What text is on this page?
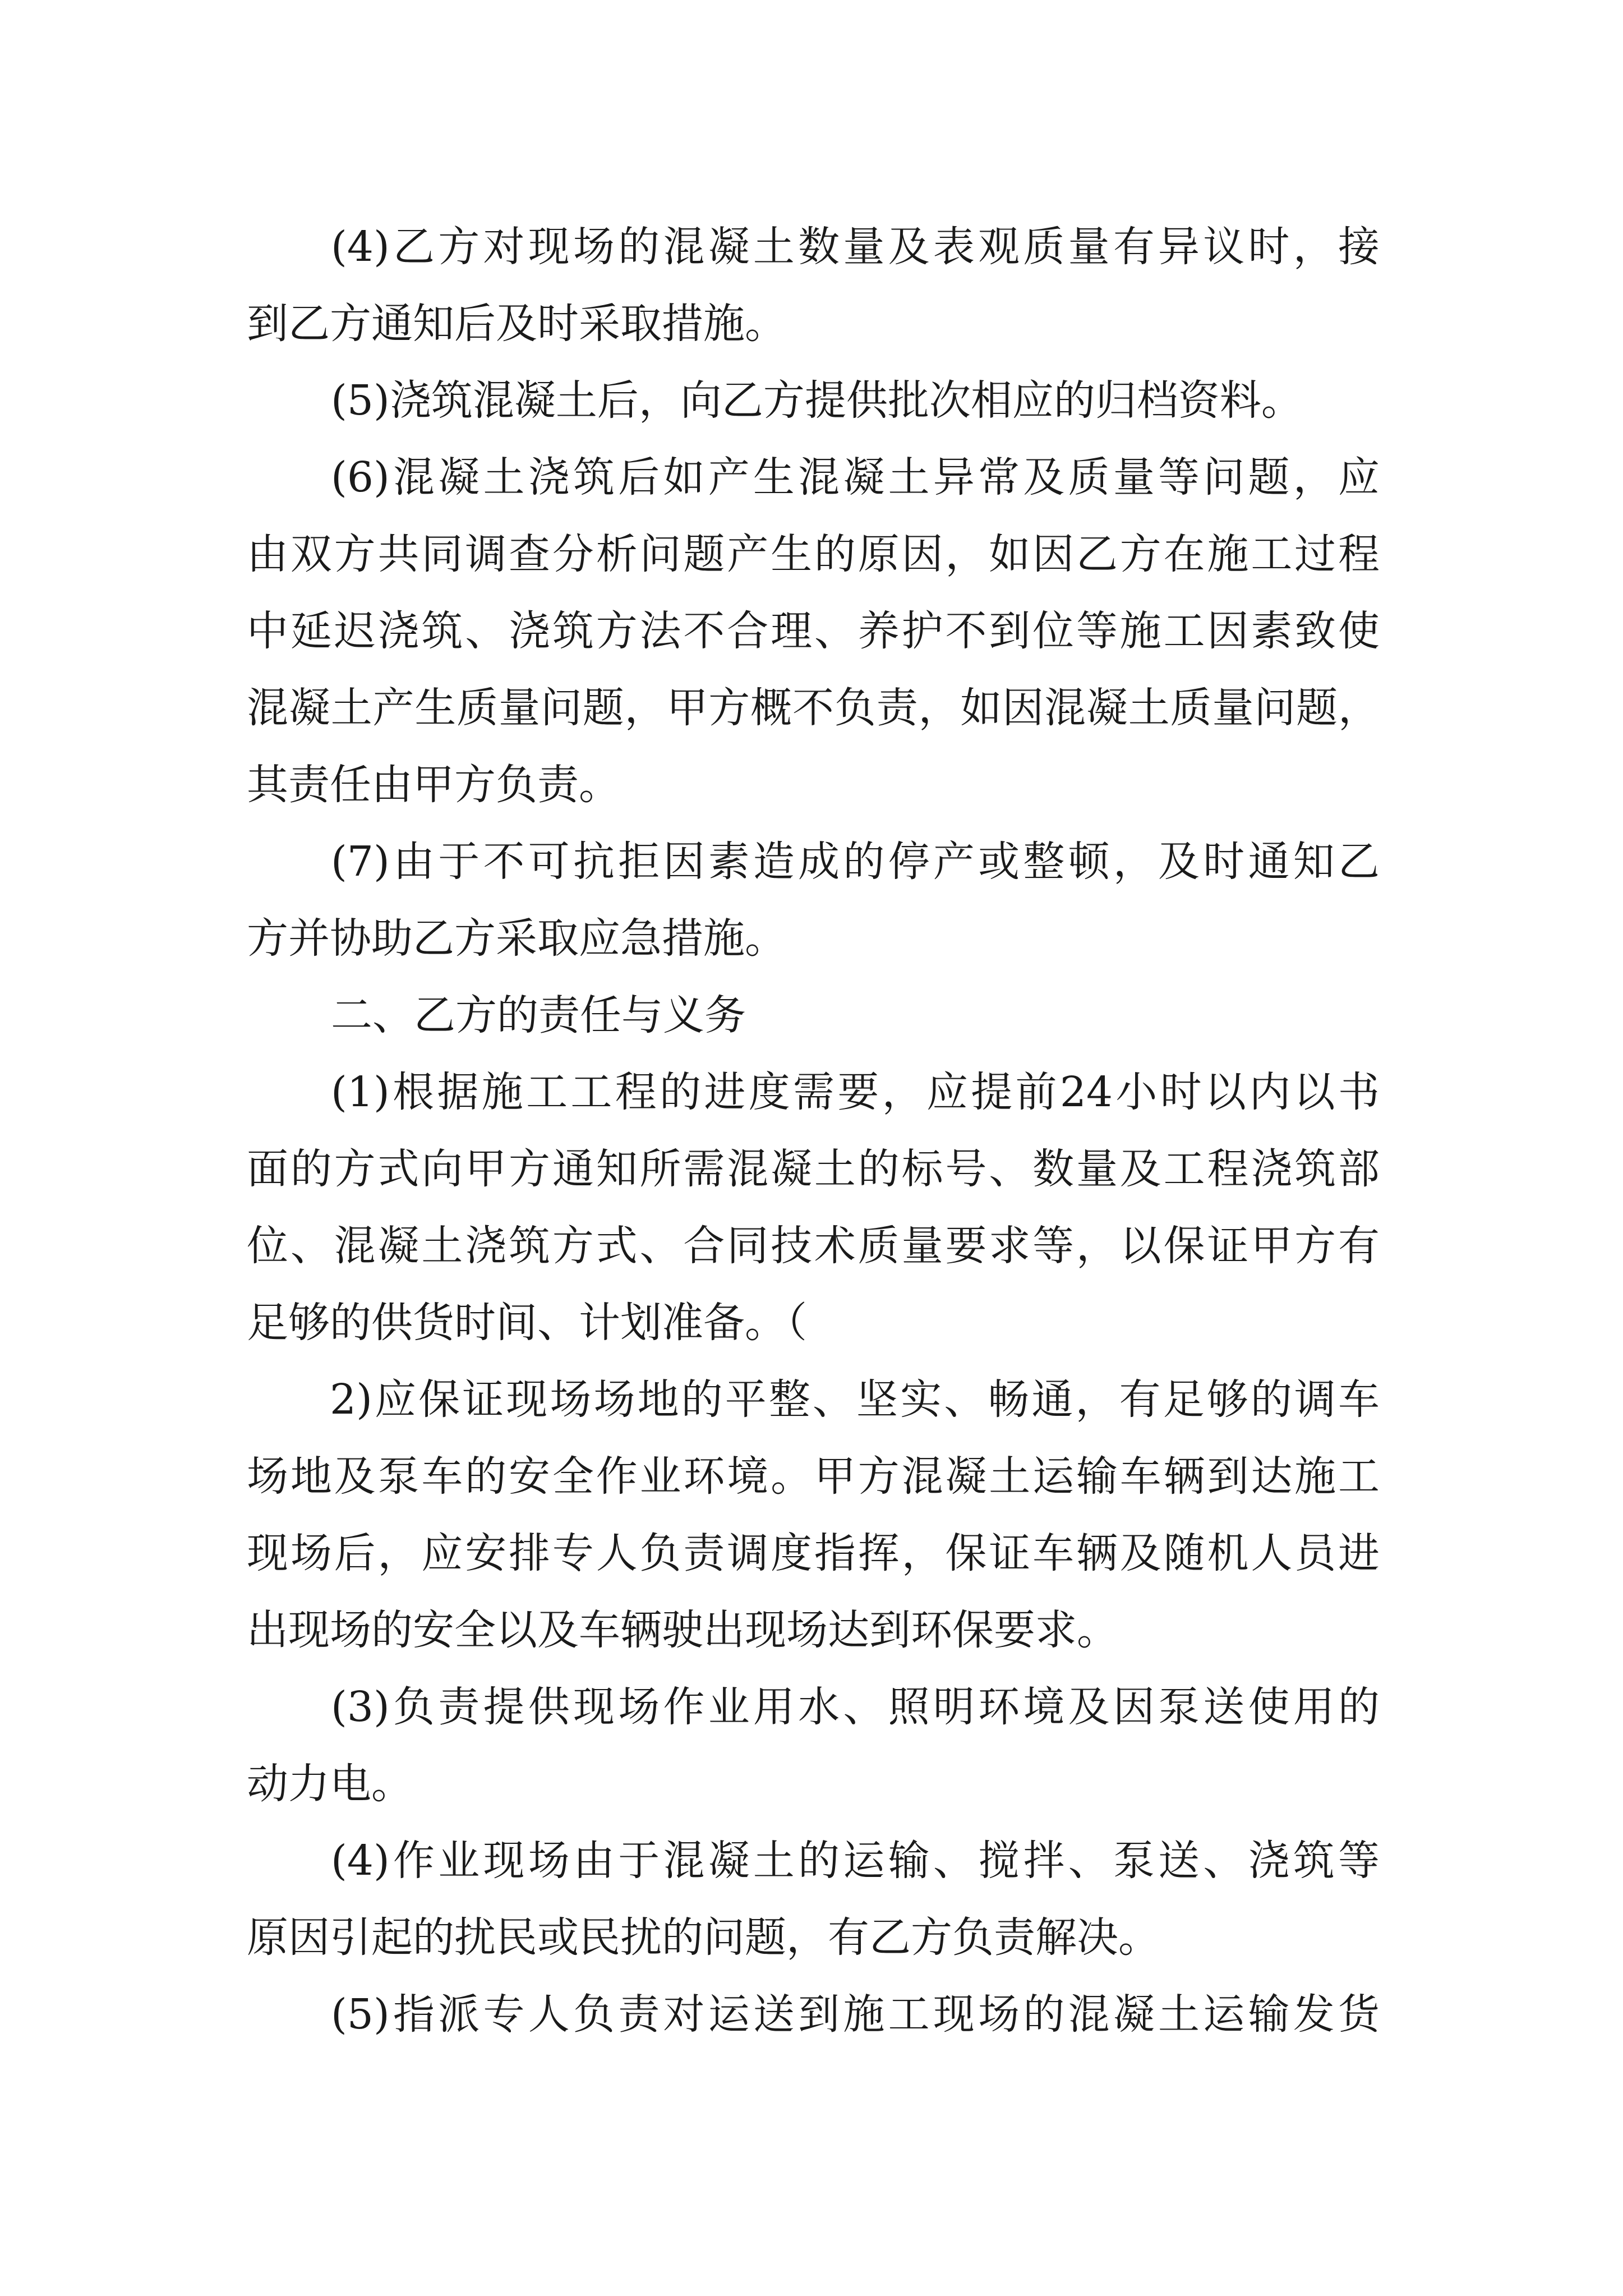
(4)乙方对现场的混凝土数量及表观质量有异议时，接
到乙方通知后及时采取措施。
(5)浇筑混凝土后，向乙方提供批次相应的归档资料。
(6)混凝土浇筑后如产生混凝土异常及质量等问题，应
由双方共同调查分析问题产生的原因，如因乙方在施工过程
中延迟浇筑、浇筑方法不合理、养护不到位等施工因素致使
混凝土产生质量问题，甲方概不负责，如因混凝土质量问题，
其责任由甲方负责。
(7)由于不可抗拒因素造成的停产或整顿，及时通知乙
方并协助乙方采取应急措施。
二、乙方的责任与义务
(1)根据施工工程的进度需要，应提前24小时以内以书
面的方式向甲方通知所需混凝土的标号、数量及工程浇筑部
位、混凝土浇筑方式、合同技术质量要求等，以保证甲方有
足够的供货时间、计划准备。（
2)应保证现场场地的平整、坚实、畅通，有足够的调车
场地及泵车的安全作业环境。甲方混凝土运输车辆到达施工
现场后，应安排专人负责调度指挥，保证车辆及随机人员进
出现场的安全以及车辆驶出现场达到环保要求。
(3)负责提供现场作业用水、照明环境及因泵送使用的
动力电。
(4)作业现场由于混凝土的运输、搅拌、泵送、浇筑等
原因引起的扰民或民扰的问题，有乙方负责解决。
(5)指派专人负责对运送到施工现场的混凝土运输发货
